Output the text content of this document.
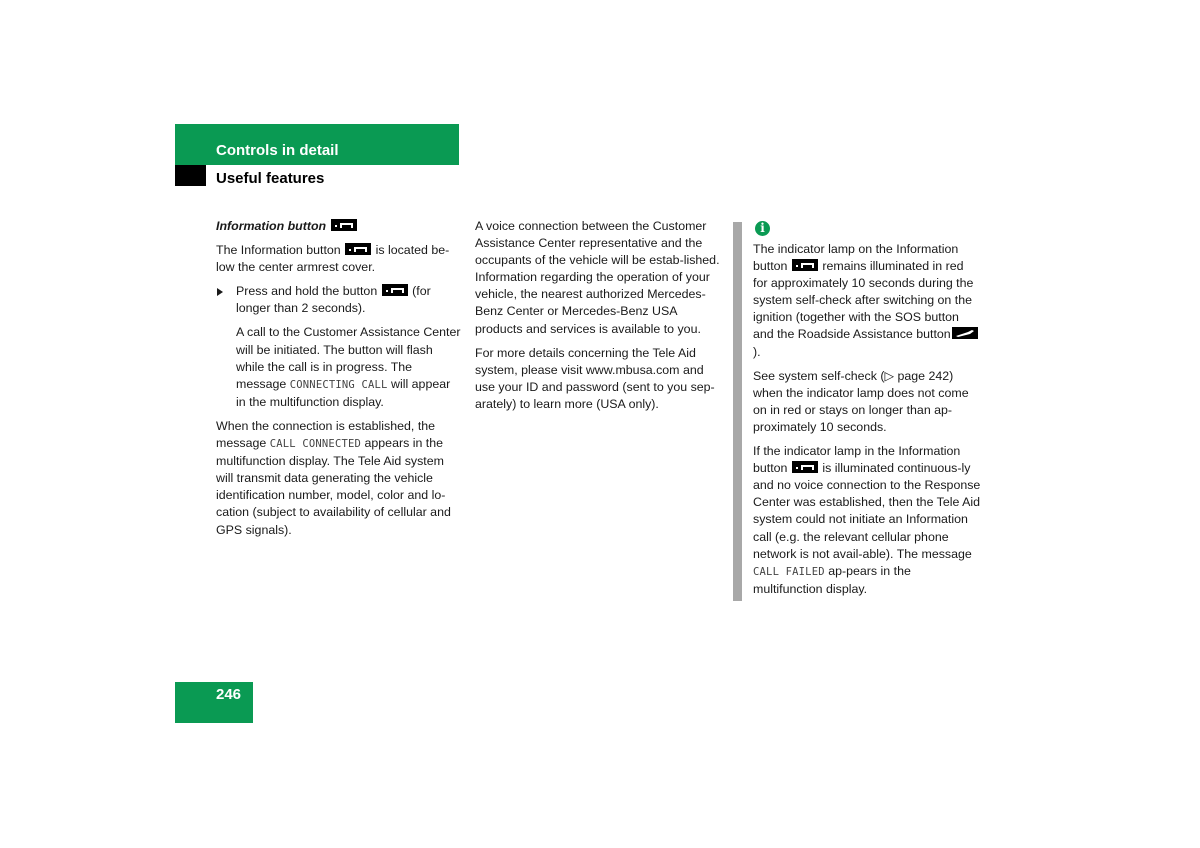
Controls in detail
Useful features

Information button

The Information button	is located be-low the center armrest cover.

Press and hold the button	(for longer than 2 seconds).

A call to the Customer Assistance Center will be initiated. The button will flash while the call is in progress. The message CONNECTING CALL will appear in the multifunction display.

When the connection is established, the message CALL CONNECTED appears in the multifunction display. The Tele Aid system will transmit data generating the vehicle identification number, model, color and lo-cation (subject to availability of cellular and GPS signals).

A voice connection between the Customer Assistance Center representative and the occupants of the vehicle will be estab-lished. Information regarding the operation of your vehicle, the nearest authorized Mercedes-Benz Center or Mercedes-Benz USA products and services is available to you.

For more details concerning the Tele Aid system, please visit www.mbusa.com and use your ID and password (sent to you sep-arately) to learn more (USA only).

i

The indicator lamp on the Information button	remains illuminated in red for approximately 10 seconds during the system self-check after switching on the ignition (together with the SOS button and the Roadside Assistance button
).

See system self-check (▷ page 242) when the indicator lamp does not come on in red or stays on longer than ap-proximately 10 seconds.

If the indicator lamp in the Information button	is illuminated continuous-ly and no voice connection to the Response Center was established, then the Tele Aid system could not initiate an Information call (e.g. the relevant cellular phone network is not avail-able). The message CALL FAILED ap-pears in the multifunction display.

246
